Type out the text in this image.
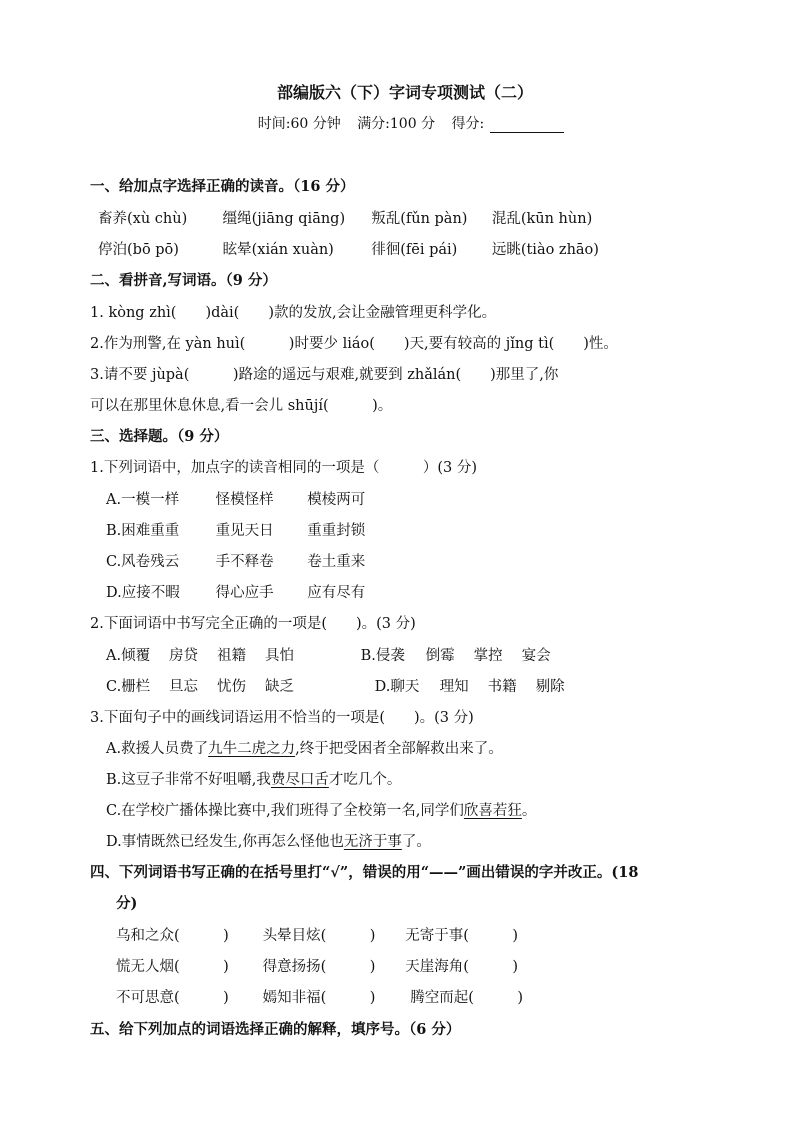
部编版六（下）字词专项测试（二）
时间:60 分钟 满分:100 分 得分:
一、给加点字选择正确的读音。（16 分）
畜养(xù chù) 缰绳(jiāng qiāng) 叛乱(fǔn pàn) 混乱(kūn hùn)
停泊(bō pō)	眩晕(xián xuàn)	徘徊(fēi pái) 远眺(tiào zhāo)
二、看拼音,写词语。（9 分）
1. kòng zhì(　　)dài(　　)款的发放,会让金融管理更科学化。
2.作为刑警,在 yàn huì(　　　)时要少 liáo(　　)天,要有较高的 jǐng tì(　　)性。
3.请不要 jùpà(　　　)路途的遥远与艰难,就要到 zhǎlán(　　)那里了,你
可以在那里休息休息,看一会儿 shūjí(　　　)。
三、选择题。（9 分）
1.下列词语中，加点字的读音相同的一项是（　　　）(3 分)
A.一模一样	怪模怪样 模棱两可
B.困难重重	重见天日 重重封锁
C.风卷残云	手不释卷 卷土重来
D.应接不暇 得心应手 应有尽有
2.下面词语中书写完全正确的一项是(　　)。(3 分)
A.倾覆 房贷 祖籍 具怕	B.侵袭 倒霉 掌控 宴会
C.栅栏 旦忘 忧伤 缺乏	D.聊天 理知 书籍 剔除
3.下面句子中的画线词语运用不恰当的一项是(　　)。(3 分)
A.救援人员费了九牛二虎之力,终于把受困者全部解救出来了。
B.这豆子非常不好咀嚼,我费尽口舌才吃几个。
C.在学校广播体操比赛中,我们班得了全校第一名,同学们欣喜若狂。
D.事情既然已经发生,你再怎么怪他也无济于事了。
四、下列词语书写正确的在括号里打“√”，错误的用“——”画出错误的字并改正。(18
分)
乌和之众(　　　) 头晕目炫(　　　) 无寄于事(　　　)
慌无人烟(　　　) 得意扬扬(　　　) 天崖海角(　　　)
不可思意(　　　) 嫣知非福(　　　) 腾空而起(　　　)
五、给下列加点的词语选择正确的解释，填序号。（6 分）
